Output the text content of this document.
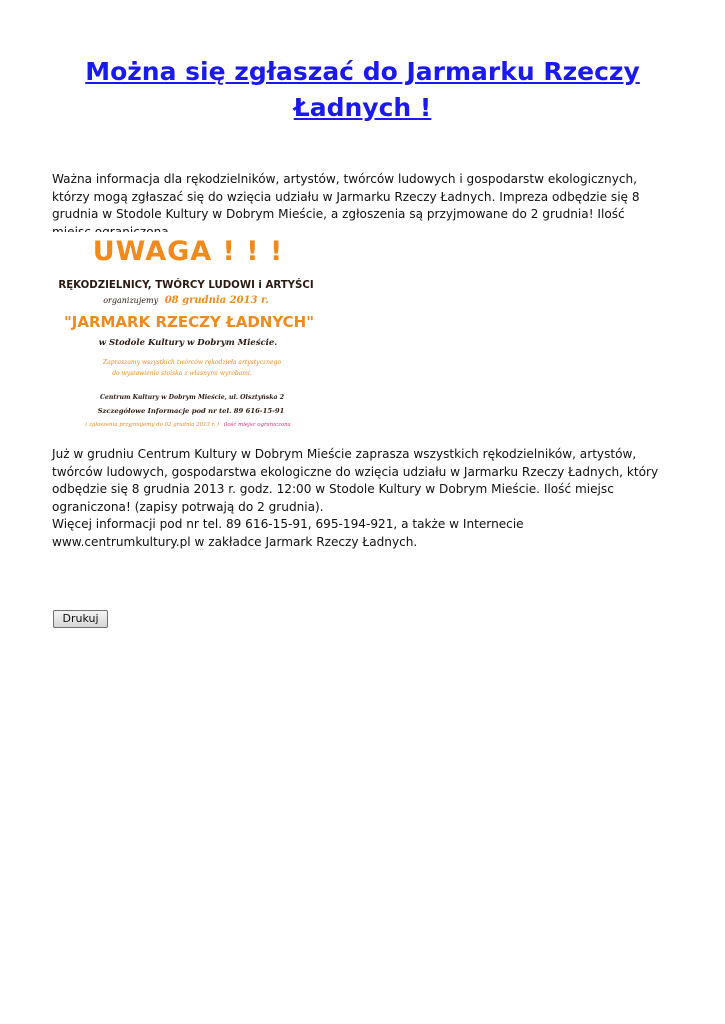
Można się zgłaszać do Jarmarku Rzeczy Ładnych !

Ważna informacja dla rękodzielników, artystów, twórców ludowych i gospodarstw ekologicznych, którzy mogą zgłaszać się do wzięcia udziału w Jarmarku Rzeczy Ładnych. Impreza odbędzie się 8 grudnia w Stodole Kultury w Dobrym Mieście, a zgłoszenia są przyjmowane do 2 grudnia! Ilość

UWAGA ! ! !
RĘKODZIELNICY, TWÓRCY LUDOWI i ARTYŚCI
organizujemy 08 grudnia 2013 r.
"JARMARK RZECZY ŁADNYCH"
w Stodole Kultury w Dobrym Mieście.
Zapraszamy wszystkich twórców rękodzieła artystycznego
do wystawienia stoiska z własnymi wyrobami.
Centrum Kultury w Dobrym Mieście, ul. Olsztyńska 2
Szczegółowe Informacje pod nr tel. 89 616-15-91
( zgłoszenia przyjmujemy do 02 grudnia 2013 r. ) ilość miejsc ograniczona

Już w grudniu Centrum Kultury w Dobrym Mieście zaprasza wszystkich rękodzielników, artystów, twórców ludowych, gospodarstwa ekologiczne do wzięcia udziału w Jarmarku Rzeczy Ładnych, który odbędzie się 8 grudnia 2013 r. godz. 12:00 w Stodole Kultury w Dobrym Mieście. Ilość miejsc ograniczona! (zapisy potrwają do 2 grudnia).
Więcej informacji pod nr tel. 89 616-15-91, 695-194-921, a także w Internecie www.centrumkultury.pl w zakładce Jarmark Rzeczy Ładnych.

Drukuj
